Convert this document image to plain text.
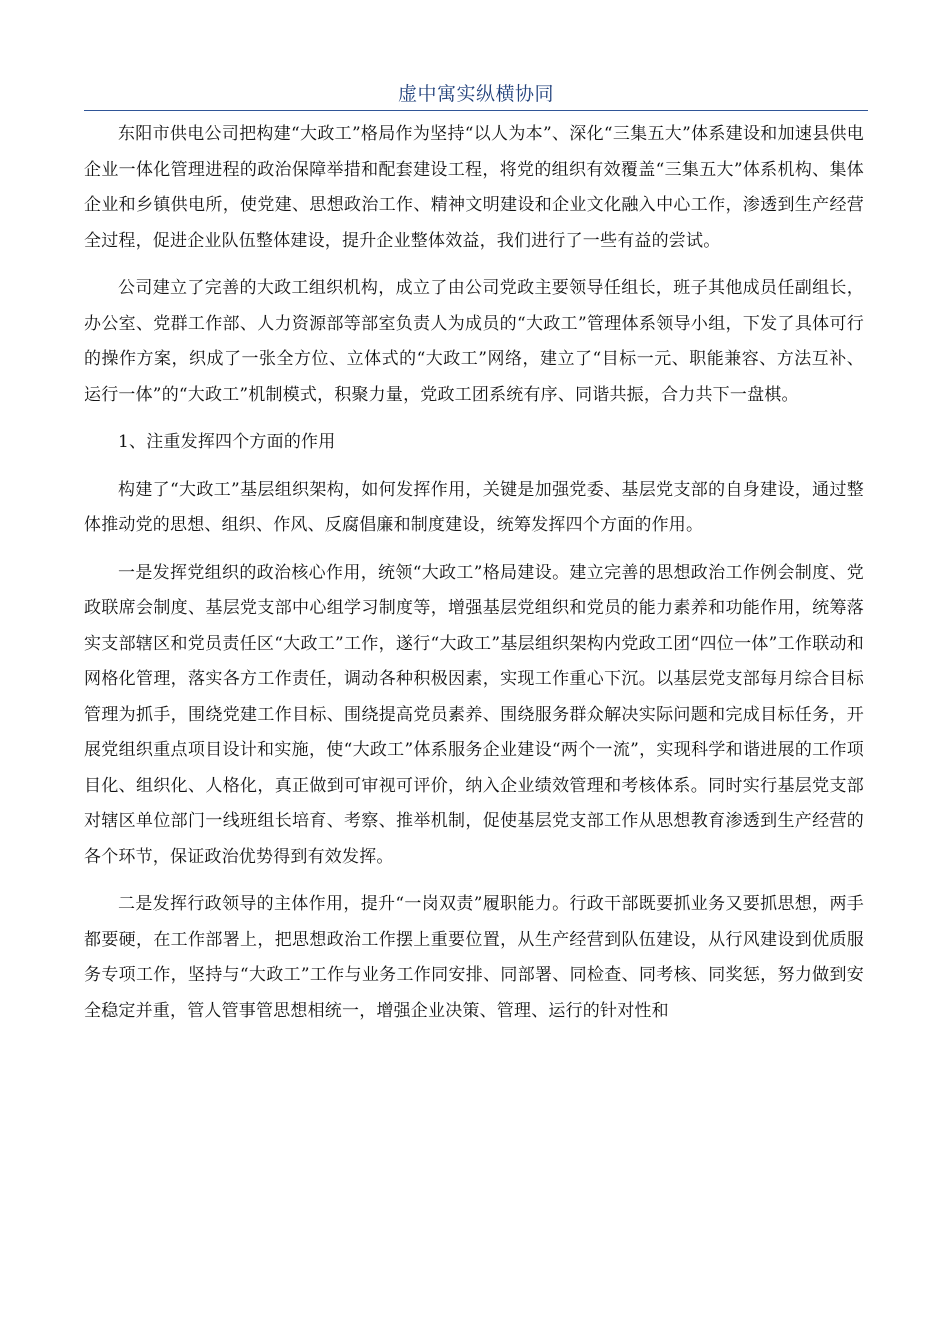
虚中寓实纵横协同

东阳市供电公司把构建“大政工”格局作为坚持“以人为本”、深化“三集五大”体系建设和加速县供电企业一体化管理进程的政治保障举措和配套建设工程，将党的组织有效覆盖“三集五大”体系机构、集体企业和乡镇供电所，使党建、思想政治工作、精神文明建设和企业文化融入中心工作，渗透到生产经营全过程，促进企业队伍整体建设，提升企业整体效益，我们进行了一些有益的尝试。

公司建立了完善的大政工组织机构，成立了由公司党政主要领导任组长，班子其他成员任副组长，办公室、党群工作部、人力资源部等部室负责人为成员的“大政工”管理体系领导小组，下发了具体可行的操作方案，织成了一张全方位、立体式的“大政工”网络，建立了“目标一元、职能兼容、方法互补、运行一体”的“大政工”机制模式，积聚力量，党政工团系统有序、同谐共振，合力共下一盘棋。

1、注重发挥四个方面的作用

构建了“大政工”基层组织架构，如何发挥作用，关键是加强党委、基层党支部的自身建设，通过整体推动党的思想、组织、作风、反腐倡廉和制度建设，统筹发挥四个方面的作用。

一是发挥党组织的政治核心作用，统领“大政工”格局建设。建立完善的思想政治工作例会制度、党政联席会制度、基层党支部中心组学习制度等，增强基层党组织和党员的能力素养和功能作用，统筹落实支部辖区和党员责任区“大政工”工作，遂行“大政工”基层组织架构内党政工团“四位一体”工作联动和网格化管理，落实各方工作责任，调动各种积极因素，实现工作重心下沉。以基层党支部每月综合目标管理为抓手，围绕党建工作目标、围绕提高党员素养、围绕服务群众解决实际问题和完成目标任务，开展党组织重点项目设计和实施，使“大政工”体系服务企业建设“两个一流”，实现科学和谐进展的工作项目化、组织化、人格化，真正做到可审视可评价，纳入企业绩效管理和考核体系。同时实行基层党支部对辖区单位部门一线班组长培育、考察、推举机制，促使基层党支部工作从思想教育渗透到生产经营的各个环节，保证政治优势得到有效发挥。

二是发挥行政领导的主体作用，提升“一岗双责”履职能力。行政干部既要抓业务又要抓思想，两手都要硬，在工作部署上，把思想政治工作摆上重要位置，从生产经营到队伍建设，从行风建设到优质服务专项工作，坚持与“大政工”工作与业务工作同安排、同部署、同检查、同考核、同奖惩，努力做到安全稳定并重，管人管事管思想相统一，增强企业决策、管理、运行的针对性和
